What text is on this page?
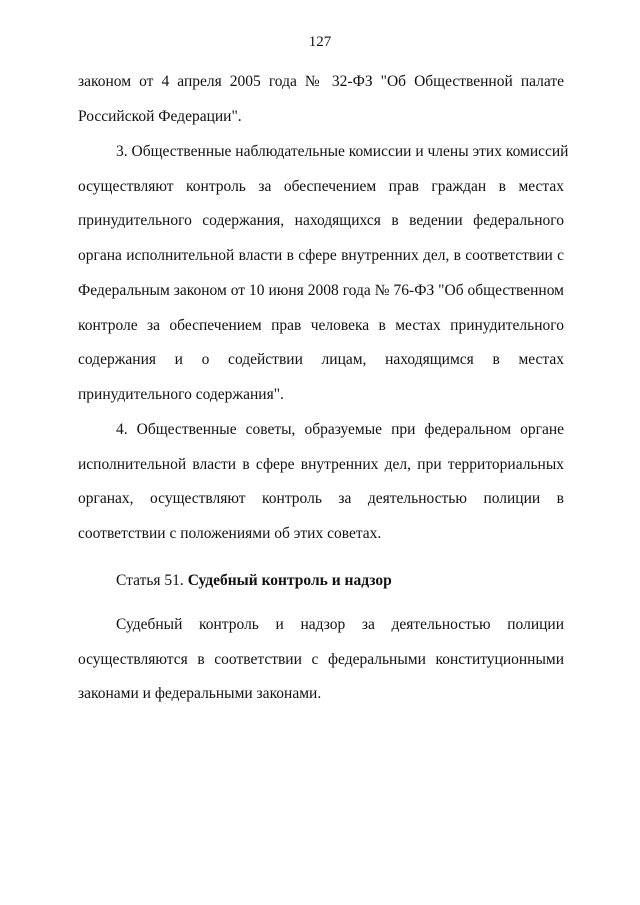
127
законом от 4 апреля 2005 года № 32-ФЗ "Об Общественной палате
Российской Федерации".
3. Общественные наблюдательные комиссии и члены этих комиссий
осуществляют контроль за обеспечением прав граждан в местах
принудительного содержания, находящихся в ведении федерального
органа исполнительной власти в сфере внутренних дел, в соответствии с
Федеральным законом от 10 июня 2008 года № 76-ФЗ "Об общественном
контроле за обеспечением прав человека в местах принудительного
содержания и о содействии лицам, находящимся в местах
принудительного содержания".
4. Общественные советы, образуемые при федеральном органе
исполнительной власти в сфере внутренних дел, при территориальных
органах, осуществляют контроль за деятельностью полиции в
соответствии с положениями об этих советах.
Статья 51. Судебный контроль и надзор
Судебный контроль и надзор за деятельностью полиции
осуществляются в соответствии с федеральными конституционными
законами и федеральными законами.
